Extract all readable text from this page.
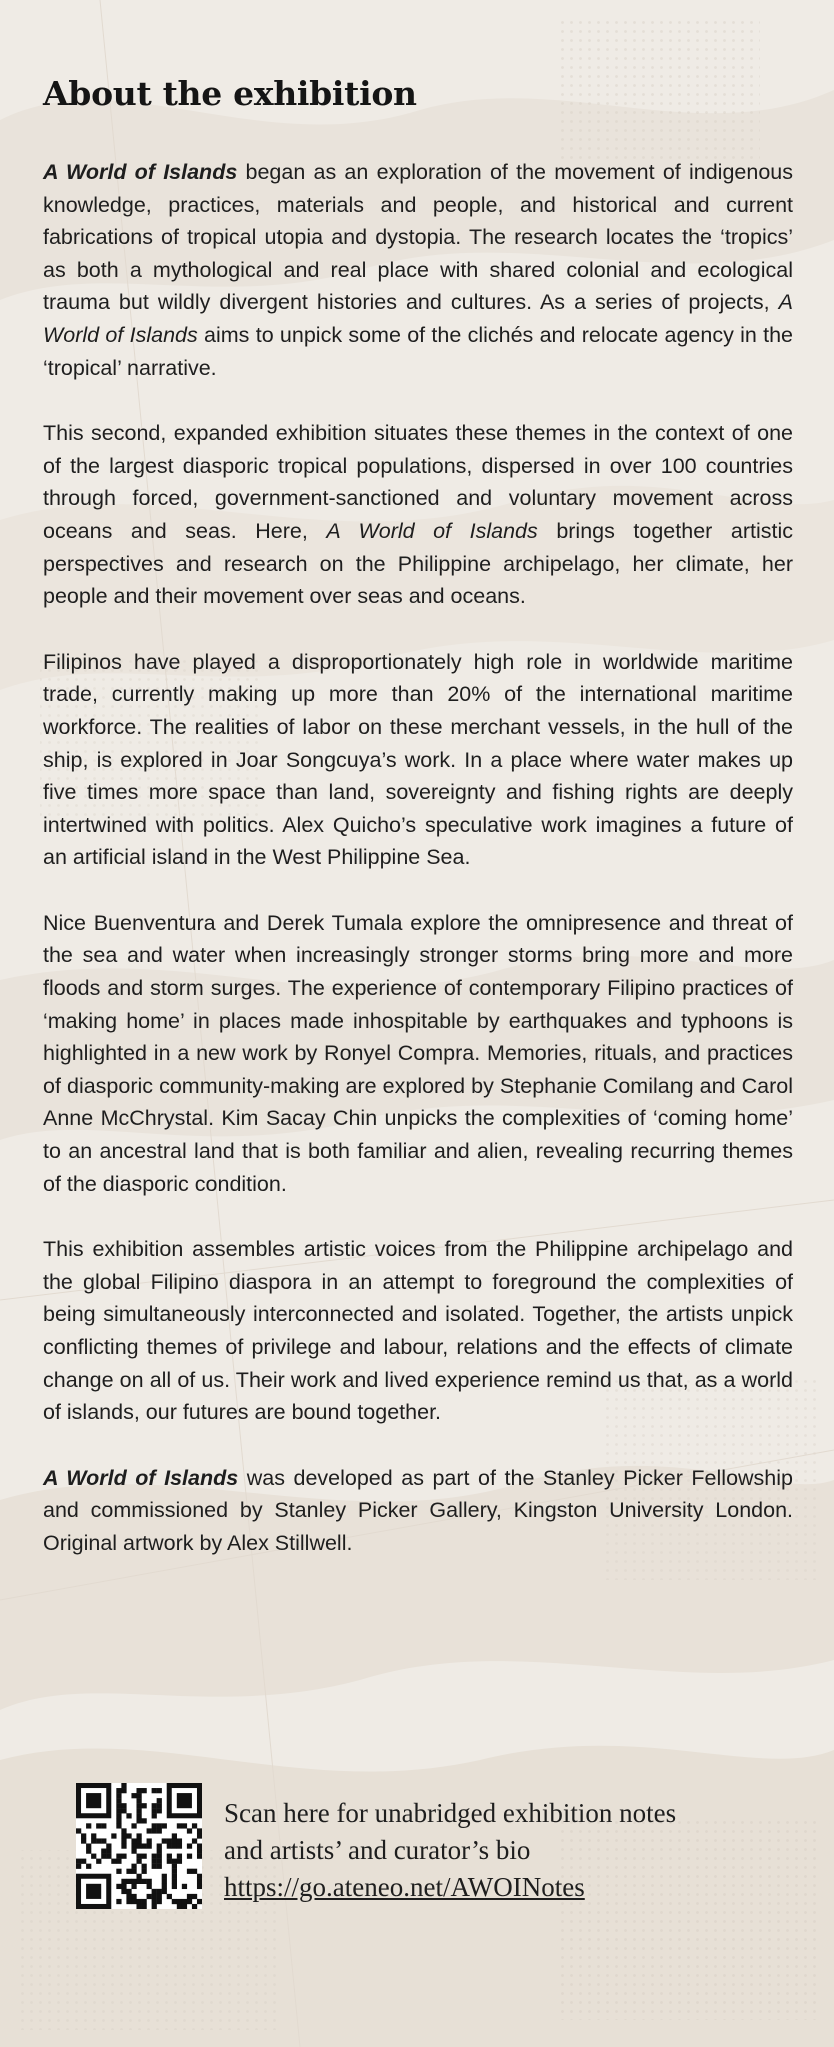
About the exhibition

A World of Islands began as an exploration of the movement of indigenous knowledge, practices, materials and people, and historical and current fabrications of tropical utopia and dystopia. The research locates the ‘tropics’ as both a mythological and real place with shared colonial and ecological trauma but wildly divergent histories and cultures. As a series of projects, A World of Islands aims to unpick some of the clichés and relocate agency in the ‘tropical’ narrative.

This second, expanded exhibition situates these themes in the context of one of the largest diasporic tropical populations, dispersed in over 100 countries through forced, government-sanctioned and voluntary movement across oceans and seas. Here, A World of Islands brings together artistic perspectives and research on the Philippine archipelago, her climate, her people and their movement over seas and oceans.

Filipinos have played a disproportionately high role in worldwide maritime trade, currently making up more than 20% of the international maritime workforce. The realities of labor on these merchant vessels, in the hull of the ship, is explored in Joar Songcuya’s work. In a place where water makes up five times more space than land, sovereignty and fishing rights are deeply intertwined with politics. Alex Quicho’s speculative work imagines a future of an artificial island in the West Philippine Sea.

Nice Buenventura and Derek Tumala explore the omnipresence and threat of the sea and water when increasingly stronger storms bring more and more floods and storm surges. The experience of contemporary Filipino practices of ‘making home’ in places made inhospitable by earthquakes and typhoons is highlighted in a new work by Ronyel Compra. Memories, rituals, and practices of diasporic community-making are explored by Stephanie Comilang and Carol Anne McChrystal. Kim Sacay Chin unpicks the complexities of ‘coming home’ to an ancestral land that is both familiar and alien, revealing recurring themes of the diasporic condition.

This exhibition assembles artistic voices from the Philippine archipelago and the global Filipino diaspora in an attempt to foreground the complexities of being simultaneously interconnected and isolated. Together, the artists unpick conflicting themes of privilege and labour, relations and the effects of climate change on all of us. Their work and lived experience remind us that, as a world of islands, our futures are bound together.

A World of Islands was developed as part of the Stanley Picker Fellowship and commissioned by Stanley Picker Gallery, Kingston University London. Original artwork by Alex Stillwell.

Scan here for unabridged exhibition notes
and artists’ and curator’s bio
https://go.ateneo.net/AWOINotes
